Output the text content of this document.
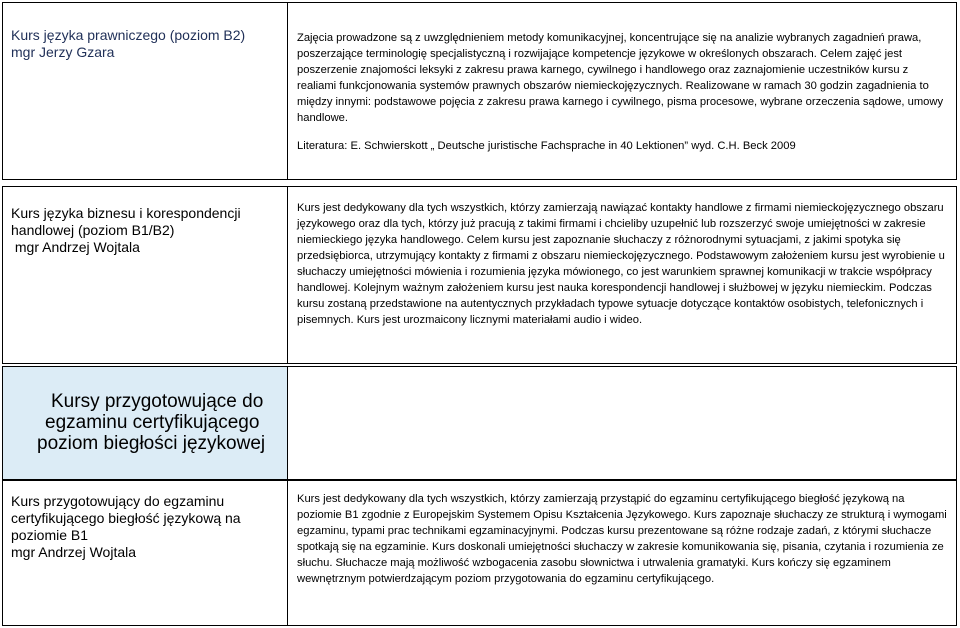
Kurs języka prawniczego (poziom B2)
mgr Jerzy Gzara

Zajęcia prowadzone są z uwzględnieniem metody komunikacyjnej, koncentrujące się na analizie wybranych zagadnień prawa, poszerzające terminologię specjalistyczną i rozwijające kompetencje językowe w określonych obszarach. Celem zajęć jest poszerzenie znajomości leksyki z zakresu prawa karnego, cywilnego i handlowego oraz zaznajomienie uczestników kursu z realiami funkcjonowania systemów prawnych obszarów niemieckojęzycznych. Realizowane w ramach 30 godzin zagadnienia to między innymi: podstawowe pojęcia z zakresu prawa karnego i cywilnego, pisma procesowe, wybrane orzeczenia sądowe, umowy handlowe.

Literatura: E. Schwierskott „ Deutsche juristische Fachsprache in 40 Lektionen” wyd. C.H. Beck 2009

Kurs języka biznesu i korespondencji
handlowej (poziom B1/B2)
mgr Andrzej Wojtala

Kurs jest dedykowany dla tych wszystkich, którzy zamierzają nawiązać kontakty handlowe z firmami niemieckojęzycznego obszaru językowego oraz dla tych, którzy już pracują z takimi firmami i chcieliby uzupełnić lub rozszerzyć swoje umiejętności w zakresie niemieckiego języka handlowego. Celem kursu jest zapoznanie słuchaczy z różnorodnymi sytuacjami, z jakimi spotyka się przedsiębiorca, utrzymujący kontakty z firmami z obszaru niemieckojęzycznego. Podstawowym założeniem kursu jest wyrobienie u słuchaczy umiejętności mówienia i rozumienia języka mówionego, co jest warunkiem sprawnej komunikacji w trakcie współpracy handlowej. Kolejnym ważnym założeniem kursu jest nauka korespondencji handlowej i służbowej w języku niemieckim. Podczas kursu zostaną przedstawione na autentycznych przykładach typowe sytuacje dotyczące kontaktów osobistych, telefonicznych i pisemnych. Kurs jest urozmaicony licznymi materiałami audio i wideo.

Kursy przygotowujące do
egzaminu certyfikującego
poziom biegłości językowej
Kurs przygotowujący do egzaminu
certyfikującego biegłość językową na
poziomie B1
mgr Andrzej Wojtala

Kurs jest dedykowany dla tych wszystkich, którzy zamierzają przystąpić do egzaminu certyfikującego biegłość językową na poziomie B1 zgodnie z Europejskim Systemem Opisu Kształcenia Językowego. Kurs zapoznaje słuchaczy ze strukturą i wymogami egzaminu, typami prac technikami egzaminacyjnymi. Podczas kursu prezentowane są różne rodzaje zadań, z którymi słuchacze spotkają się na egzaminie. Kurs doskonali umiejętności słuchaczy w zakresie komunikowania się, pisania, czytania i rozumienia ze słuchu. Słuchacze mają możliwość wzbogacenia zasobu słownictwa i utrwalenia gramatyki. Kurs kończy się egzaminem wewnętrznym potwierdzającym poziom przygotowania do egzaminu certyfikującego.
